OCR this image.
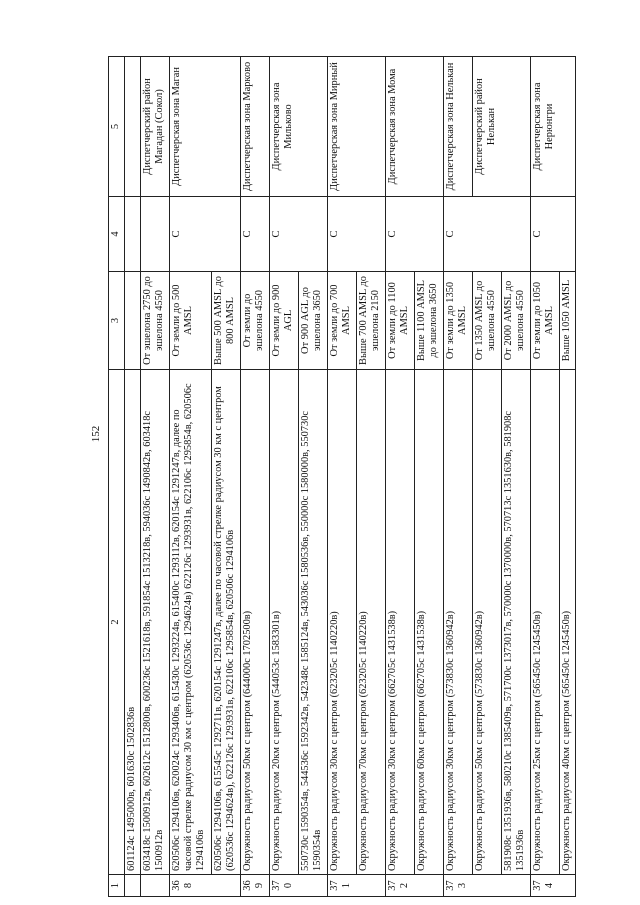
152
1	2	3	4	5
	601124с 1495000в, 601630с 1502836в			
	603418с 1500912в, 602612с 1512800в, 600236с 1521618в, 591854с 1513218в, 594036с 1490842в, 603418с 1500912в	От эшелона 2750 до эшелона 4550		Диспетчерский район Магадан (Сокол)
368	620506с 1294106в, 620024с 1293406в, 615430с 1293224в, 615400с 1293112в, 620154с 1291247в, далее по часовой стрелке радиусом 30 км с центром (620536с 1294624в) 622126с 1293931в, 622106с 1295854в, 620506с 1294106в	От земли до 500 AMSL	C	Диспетчерская зона Маган
	620506с 1294106в, 615545с 1292711в, 620154с 1291247в, далее по часовой стрелке радиусом 30 км с центром (620536с 1294624в), 622126с 1293931в, 622106с 1295854в, 620506с 1294106в	Выше 500 AMSL до 800 AMSL		
369	Окружность радиусом 50км с центром (644000с 1702500в)	От земли до эшелона 4550	C	Диспетчерская зона Марково
370	Окружность радиусом 20км с центром (544053с 1583301в)	От земли до 900 AGL	C	Диспетчерская зона Мильково
	550730с 1590354в, 544536с 1592342в, 542348с 1585124в, 543036с 1580536в, 550000с 1580000в, 550730с 1590354в	От 900 AGL до эшелона 3650		
371	Окружность радиусом 30км с центром (623205с 1140220в)	От земли до 700 AMSL	C	Диспетчерская зона Мирный
	Окружность радиусом 70км с центром (623205с 1140220в)	Выше 700 AMSL до эшелона 2150		
372	Окружность радиусом 30км с центром (662705с 1431538в)	От земли до 1100 AMSL	C	Диспетчерская зона Мома
	Окружность радиусом 60км с центром (662705с 1431538в)	Выше 1100 AMSL до эшелона 3650		
373	Окружность радиусом 30км с центром (573830с 1360942в)	От земли до 1350 AMSL	C	Диспетчерская зона Нелькан
	Окружность радиусом 50км с центром (573830с 1360942в)	От 1350 AMSL до эшелона 4550		Диспетчерский район Нелькан
	581908с 1351936в, 580210с 1385409в, 571700с 1373017в, 570000с 1370000в, 570713с 1351630в, 581908с 1351936в	От 2000 AMSL до эшелона 4550		
374	Окружность радиусом 25км с центром (565450с 1245450в)	От земли до 1050 AMSL	C	Диспетчерская зона Нерюнгри
	Окружность радиусом 40км с центром (565450с 1245450в)	Выше 1050 AMSL		
